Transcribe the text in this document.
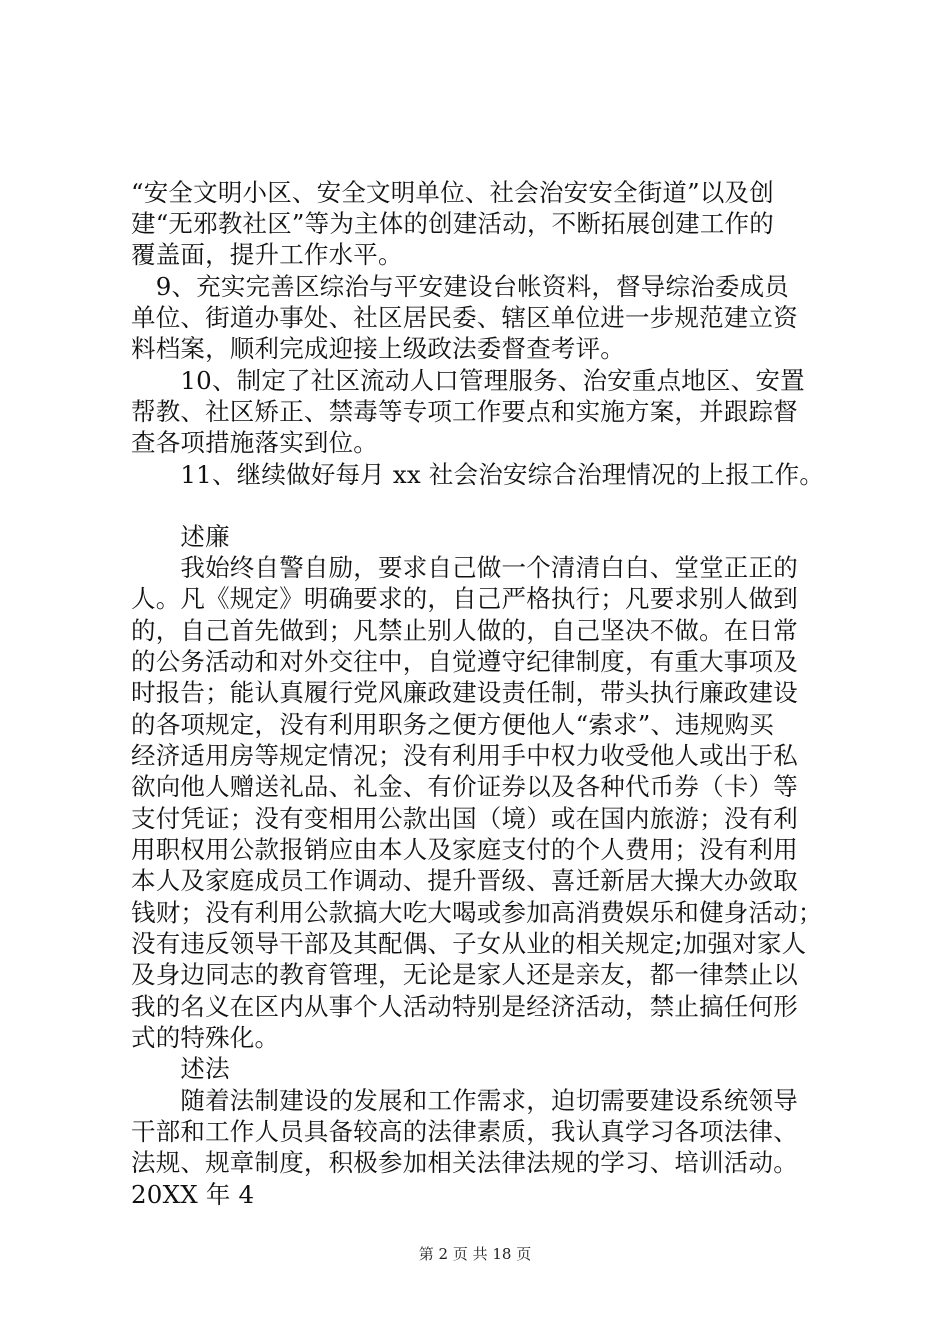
“安全文明小区、安全文明单位、社会治安安全街道”以及创
建“无邪教社区”等为主体的创建活动，不断拓展创建工作的
覆盖面，提升工作水平。
　9、充实完善区综治与平安建设台帐资料，督导综治委成员
单位、街道办事处、社区居民委、辖区单位进一步规范建立资
料档案，顺利完成迎接上级政法委督查考评。
　　10、制定了社区流动人口管理服务、治安重点地区、安置
帮教、社区矫正、禁毒等专项工作要点和实施方案，并跟踪督
查各项措施落实到位。
　　11、继续做好每月 xx 社会治安综合治理情况的上报工作。
　　述廉
　　我始终自警自励，要求自己做一个清清白白、堂堂正正的
人。凡《规定》明确要求的，自己严格执行；凡要求别人做到
的，自己首先做到；凡禁止别人做的，自己坚决不做。在日常
的公务活动和对外交往中，自觉遵守纪律制度，有重大事项及
时报告；能认真履行党风廉政建设责任制，带头执行廉政建设
的各项规定，没有利用职务之便方便他人“索求”、违规购买
经济适用房等规定情况；没有利用手中权力收受他人或出于私
欲向他人赠送礼品、礼金、有价证券以及各种代币券（卡）等
支付凭证；没有变相用公款出国（境）或在国内旅游；没有利
用职权用公款报销应由本人及家庭支付的个人费用；没有利用
本人及家庭成员工作调动、提升晋级、喜迁新居大操大办敛取
钱财；没有利用公款搞大吃大喝或参加高消费娱乐和健身活动；
没有违反领导干部及其配偶、子女从业的相关规定;加强对家人
及身边同志的教育管理，无论是家人还是亲友，都一律禁止以
我的名义在区内从事个人活动特别是经济活动，禁止搞任何形
式的特殊化。
　　述法
　　随着法制建设的发展和工作需求，迫切需要建设系统领导
干部和工作人员具备较高的法律素质，我认真学习各项法律、
法规、规章制度，积极参加相关法律法规的学习、培训活动。
20XX 年 4
第 2 页 共 18 页
